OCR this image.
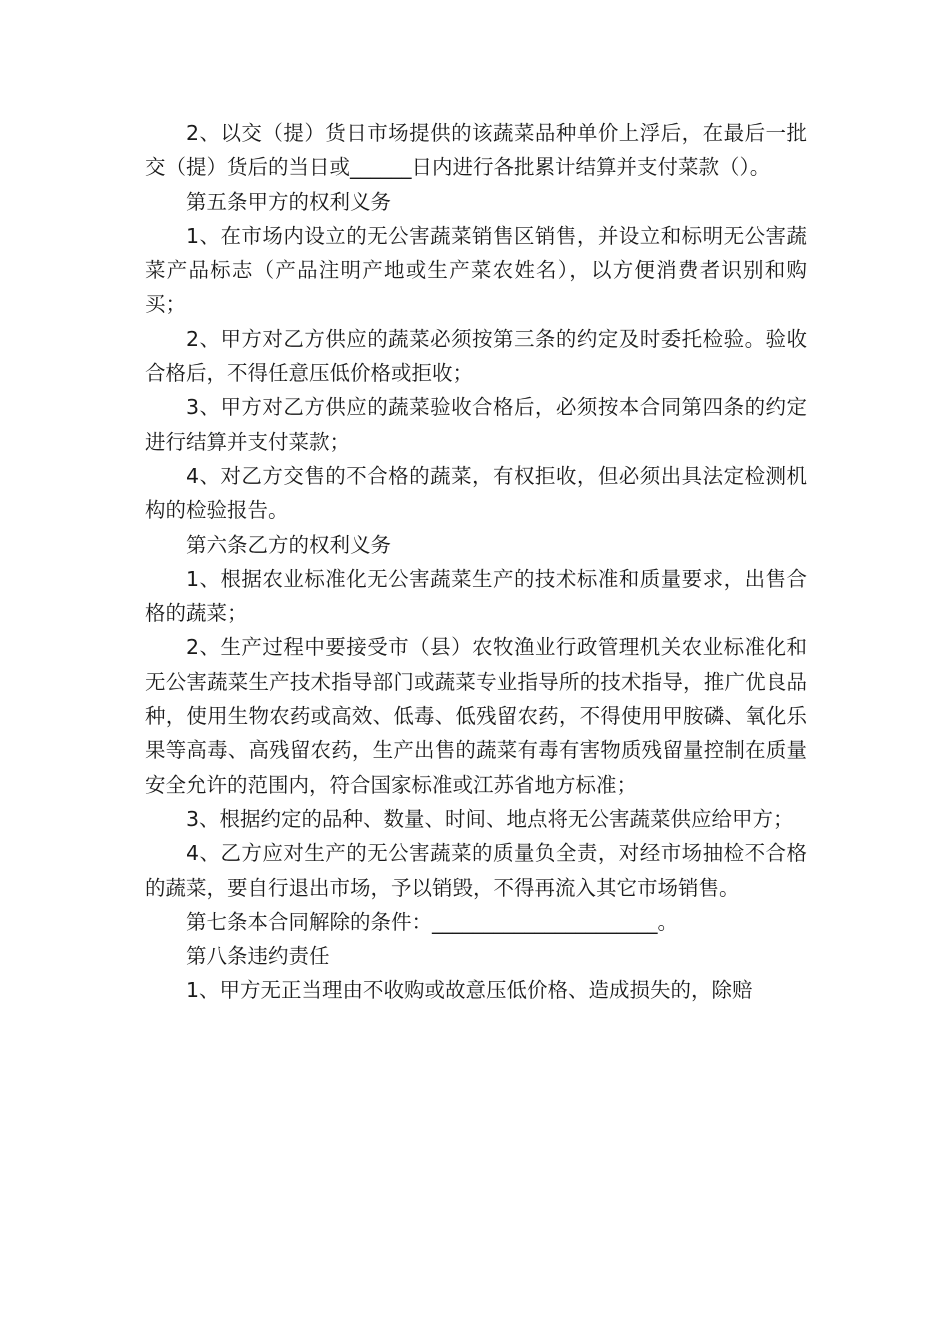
2、以交（提）货日市场提供的该蔬菜品种单价上浮后，在最后一批交（提）货后的当日或______日内进行各批累计结算并支付菜款（）。

第五条甲方的权利义务

1、在市场内设立的无公害蔬菜销售区销售，并设立和标明无公害蔬菜产品标志（产品注明产地或生产菜农姓名），以方便消费者识别和购买；

2、甲方对乙方供应的蔬菜必须按第三条的约定及时委托检验。验收合格后，不得任意压低价格或拒收；

3、甲方对乙方供应的蔬菜验收合格后，必须按本合同第四条的约定进行结算并支付菜款；

4、对乙方交售的不合格的蔬菜，有权拒收，但必须出具法定检测机构的检验报告。

第六条乙方的权利义务

1、根据农业标准化无公害蔬菜生产的技术标准和质量要求，出售合格的蔬菜；

2、生产过程中要接受市（县）农牧渔业行政管理机关农业标准化和无公害蔬菜生产技术指导部门或蔬菜专业指导所的技术指导，推广优良品种，使用生物农药或高效、低毒、低残留农药，不得使用甲胺磷、氧化乐果等高毒、高残留农药，生产出售的蔬菜有毒有害物质残留量控制在质量安全允许的范围内，符合国家标准或江苏省地方标准；

3、根据约定的品种、数量、时间、地点将无公害蔬菜供应给甲方；

4、乙方应对生产的无公害蔬菜的质量负全责，对经市场抽检不合格的蔬菜，要自行退出市场，予以销毁，不得再流入其它市场销售。

第七条本合同解除的条件：______________________。

第八条违约责任

1、甲方无正当理由不收购或故意压低价格、造成损失的，除赔
